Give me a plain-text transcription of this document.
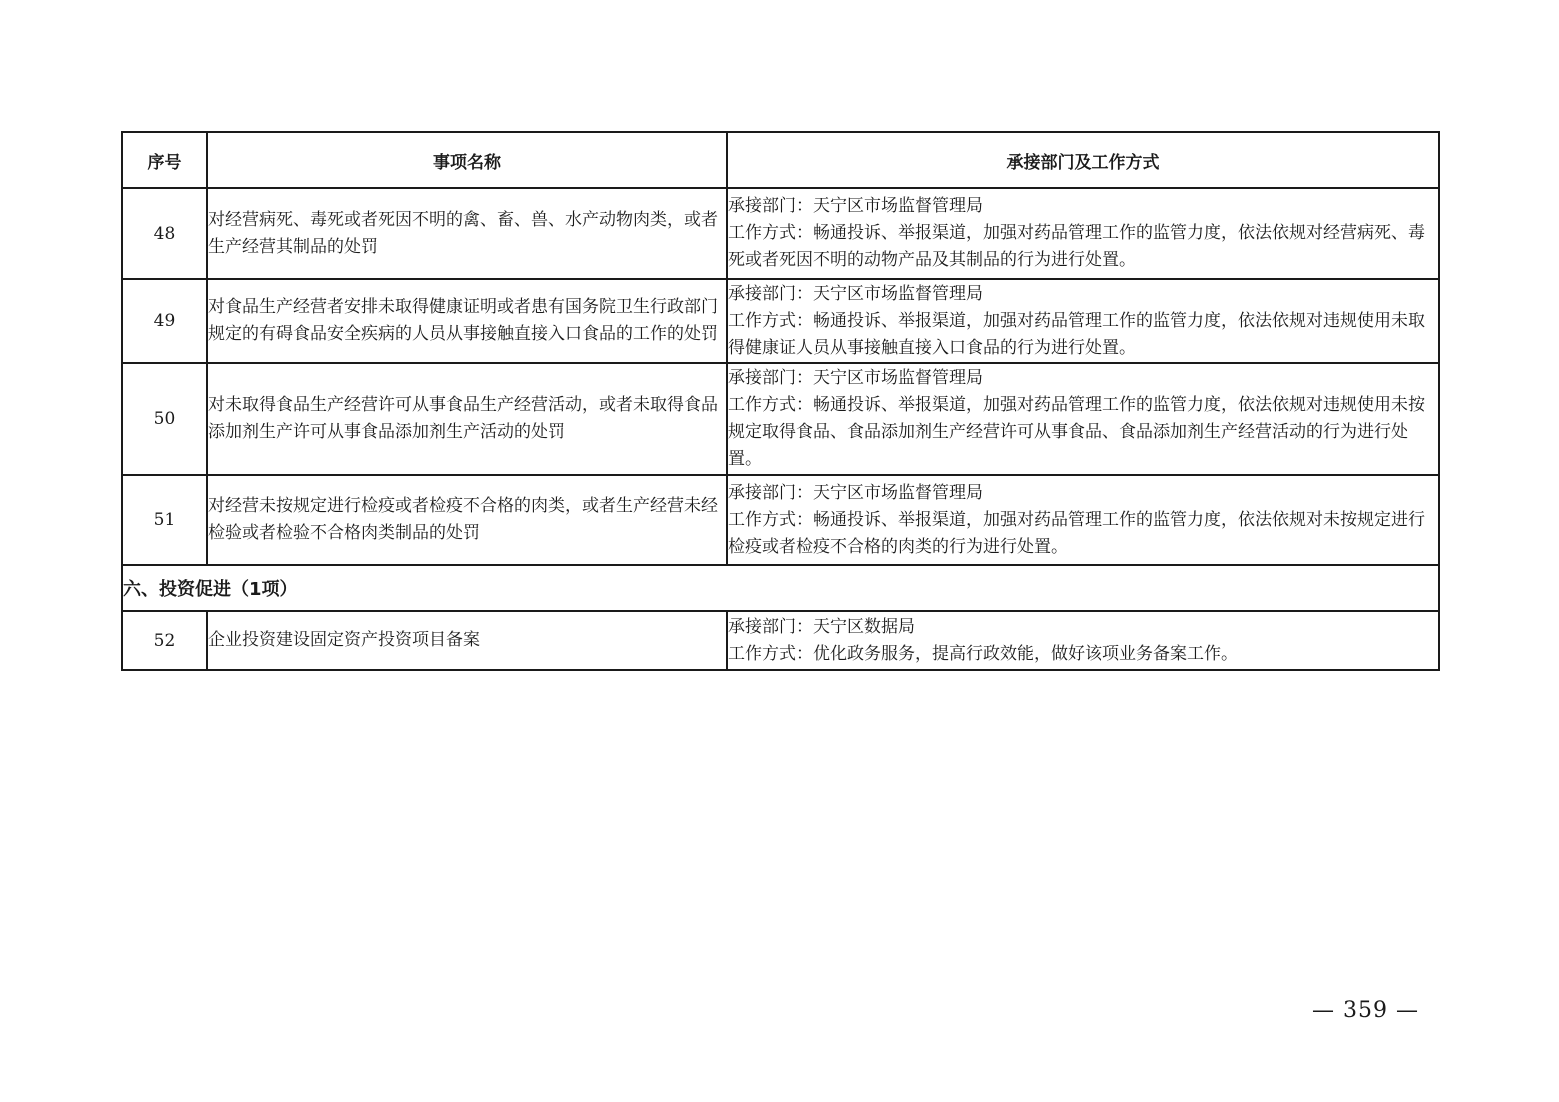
序号	事项名称	承接部门及工作方式
48	对经营病死、毒死或者死因不明的禽、畜、兽、水产动物肉类，或者生产经营其制品的处罚	承接部门：天宁区市场监督管理局
工作方式：畅通投诉、举报渠道，加强对药品管理工作的监管力度，依法依规对经营病死、毒死或者死因不明的动物产品及其制品的行为进行处置。

49	对食品生产经营者安排未取得健康证明或者患有国务院卫生行政部门规定的有碍食品安全疾病的人员从事接触直接入口食品的工作的处罚	承接部门：天宁区市场监督管理局
工作方式：畅通投诉、举报渠道，加强对药品管理工作的监管力度，依法依规对违规使用未取得健康证人员从事接触直接入口食品的行为进行处置。

50	对未取得食品生产经营许可从事食品生产经营活动，或者未取得食品添加剂生产许可从事食品添加剂生产活动的处罚	承接部门：天宁区市场监督管理局
工作方式：畅通投诉、举报渠道，加强对药品管理工作的监管力度，依法依规对违规使用未按规定取得食品、食品添加剂生产经营许可从事食品、食品添加剂生产经营活动的行为进行处置。

51	对经营未按规定进行检疫或者检疫不合格的肉类，或者生产经营未经检验或者检验不合格肉类制品的处罚	承接部门：天宁区市场监督管理局
工作方式：畅通投诉、举报渠道，加强对药品管理工作的监管力度，依法依规对未按规定进行检疫或者检疫不合格的肉类的行为进行处置。

六、投资促进（1项）		
52	企业投资建设固定资产投资项目备案	承接部门：天宁区数据局
工作方式：优化政务服务，提高行政效能，做好该项业务备案工作。
— 359 —
